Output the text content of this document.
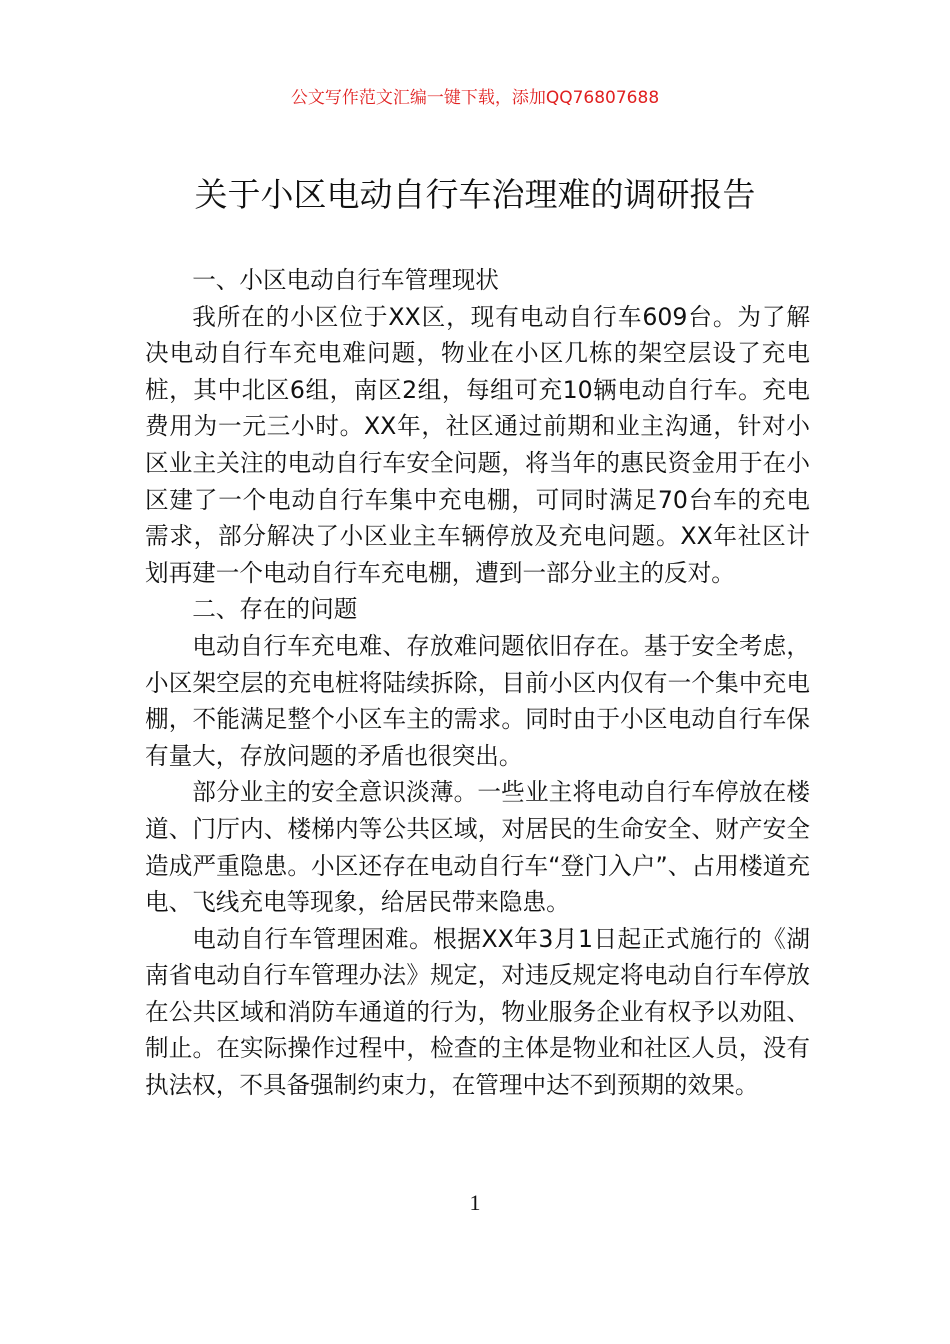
公文写作范文汇编一键下载，添加QQ76807688
关于小区电动自行车治理难的调研报告

一、小区电动自行车管理现状

我所在的小区位于XX区，现有电动自行车609台。为了解决电动自行车充电难问题，物业在小区几栋的架空层设了充电桩，其中北区6组，南区2组，每组可充10辆电动自行车。充电费用为一元三小时。XX年，社区通过前期和业主沟通，针对小区业主关注的电动自行车安全问题，将当年的惠民资金用于在小区建了一个电动自行车集中充电棚，可同时满足70台车的充电需求，部分解决了小区业主车辆停放及充电问题。XX年社区计划再建一个电动自行车充电棚，遭到一部分业主的反对。

二、存在的问题

电动自行车充电难、存放难问题依旧存在。基于安全考虑，小区架空层的充电桩将陆续拆除，目前小区内仅有一个集中充电棚，不能满足整个小区车主的需求。同时由于小区电动自行车保有量大，存放问题的矛盾也很突出。

部分业主的安全意识淡薄。一些业主将电动自行车停放在楼道、门厅内、楼梯内等公共区域，对居民的生命安全、财产安全造成严重隐患。小区还存在电动自行车“登门入户”、占用楼道充电、飞线充电等现象，给居民带来隐患。

电动自行车管理困难。根据XX年3月1日起正式施行的《湖南省电动自行车管理办法》规定，对违反规定将电动自行车停放在公共区域和消防车通道的行为，物业服务企业有权予以劝阻、制止。在实际操作过程中，检查的主体是物业和社区人员，没有执法权，不具备强制约束力，在管理中达不到预期的效果。

1
